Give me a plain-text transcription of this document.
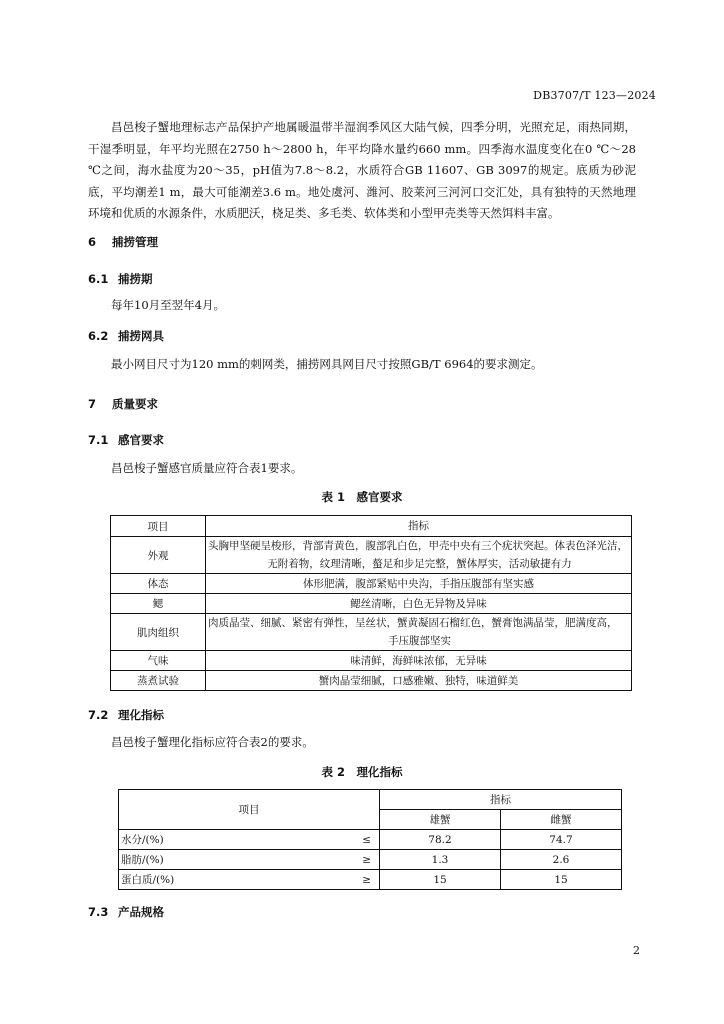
DB3707/T 123—2024
昌邑梭子蟹地理标志产品保护产地属暖温带半湿润季风区大陆气候，四季分明，光照充足，雨热同期，干湿季明显，年平均光照在2750 h～2800 h，年平均降水量约660 mm。四季海水温度变化在0 ℃～28 ℃之间，海水盐度为20～35，pH值为7.8～8.2，水质符合GB 11607、GB 3097的规定。底质为砂泥底，平均潮差1 m，最大可能潮差3.6 m。地处虞河、潍河、胶莱河三河河口交汇处，具有独特的天然地理环境和优质的水源条件，水质肥沃，桡足类、多毛类、软体类和小型甲壳类等天然饵料丰富。
6 捕捞管理
6.1 捕捞期
每年10月至翌年4月。
6.2 捕捞网具
最小网目尺寸为120 mm的刺网类，捕捞网具网目尺寸按照GB/T 6964的要求测定。
7 质量要求
7.1 感官要求
昌邑梭子蟹感官质量应符合表1要求。
表 1　感官要求
项目	指标
外观	头胸甲坚硬呈梭形，背部青黄色，腹部乳白色，甲壳中央有三个疣状突起。体表色泽光洁，
无附着物，纹理清晰，螯足和步足完整，蟹体厚实，活动敏捷有力

体态	体形肥满，腹部紧贴中央沟，手指压腹部有坚实感
鳃	鳃丝清晰，白色无异物及异味
肌肉组织	肉质晶莹、细腻、紧密有弹性，呈丝状，蟹黄凝固石榴红色，蟹膏饱满晶莹，肥满度高，
手压腹部坚实

气味	味清鲜，海鲜味浓郁，无异味
蒸煮试验	蟹肉晶莹细腻，口感雅嫩、独特，味道鲜美
7.2 理化指标
昌邑梭子蟹理化指标应符合表2的要求。
表 2　理化指标
项目		指标	
		雄蟹	雌蟹
水分/(%)	≤	78.2	74.7
脂肪/(%)	≥	1.3	2.6
蛋白质/(%)	≥	15	15
7.3 产品规格
2
